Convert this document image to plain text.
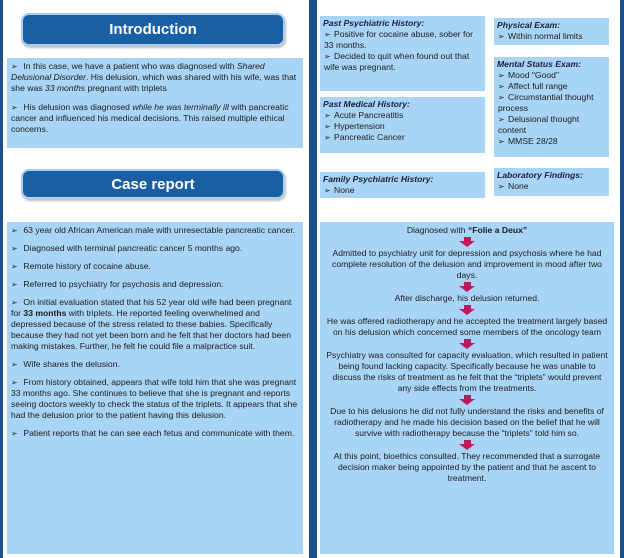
Introduction
➢ In this case, we have a patient who was diagnosed with Shared Delusional Disorder. His delusion, which was shared with his wife, was that she was 33 months pregnant with triplets
➢ His delusion was diagnosed while he was terminally ill with pancreatic cancer and influenced his medical decisions. This raised multiple ethical concerns.
Case report
➢ 63 year old African American male with unresectable pancreatic cancer.
➢ Diagnosed with terminal pancreatic cancer 5 months ago.
➢ Remote history of cocaine abuse.
➢ Referred to psychiatry for psychosis and depression.
➢ On initial evaluation stated that his 52 year old wife had been pregnant for 33 months with triplets. He reported feeling overwhelmed and depressed because of the stress related to these babies. Specifically because they had not yet been born and he felt that her doctors had been making mistakes. Further, he felt he could file a malpractice suit.
➢ Wife shares the delusion.
➢ From history obtained, appears that wife told him that she was pregnant 33 months ago. She continues to believe that she is pregnant and reports seeing doctors weekly to check the status of the triplets. It appears that she had the delusion prior to the patient having this delusion.
➢ Patient reports that he can see each fetus and communicate with them.
Past Psychiatric History:
➢ Positive for cocaine abuse, sober for 33 months.
➢ Decided to quit when found out that wife was pregnant.
Past Medical History:
➢ Acute Pancreatitis
➢ Hypertension
➢ Pancreatic Cancer
Family Psychiatric History:
➢ None
Physical Exam:
➢ Within normal limits
Mental Status Exam:
➢ Mood "Good"
➢ Affect full range
➢ Circumstantial thought process
➢ Delusional thought content
➢ MMSE 28/28
Laboratory Findings:
➢ None
Diagnosed with “Folie a Deux”
Admitted to psychiatry unit for depression and psychosis where he had complete resolution of the delusion and improvement in mood after two days.
After discharge, his delusion returned.
He was offered radiotherapy and he accepted the treatment largely based on his delusion which concerned some members of the oncology team
Psychiatry was consulted for capacity evaluation, which resulted in patient being found lacking capacity. Specifically because he was unable to discuss the risks of treatment as he felt that the “triplets” would prevent any side effects from the treatments.
Due to his delusions he did not fully understand the risks and benefits of radiotherapy and he made his decision based on the belief that he will survive with radiotherapy because the “triplets” told him so.
At this point, bioethics consulted. They recommended that a surrogate decision maker being appointed by the patient and that he ascent to treatment.
